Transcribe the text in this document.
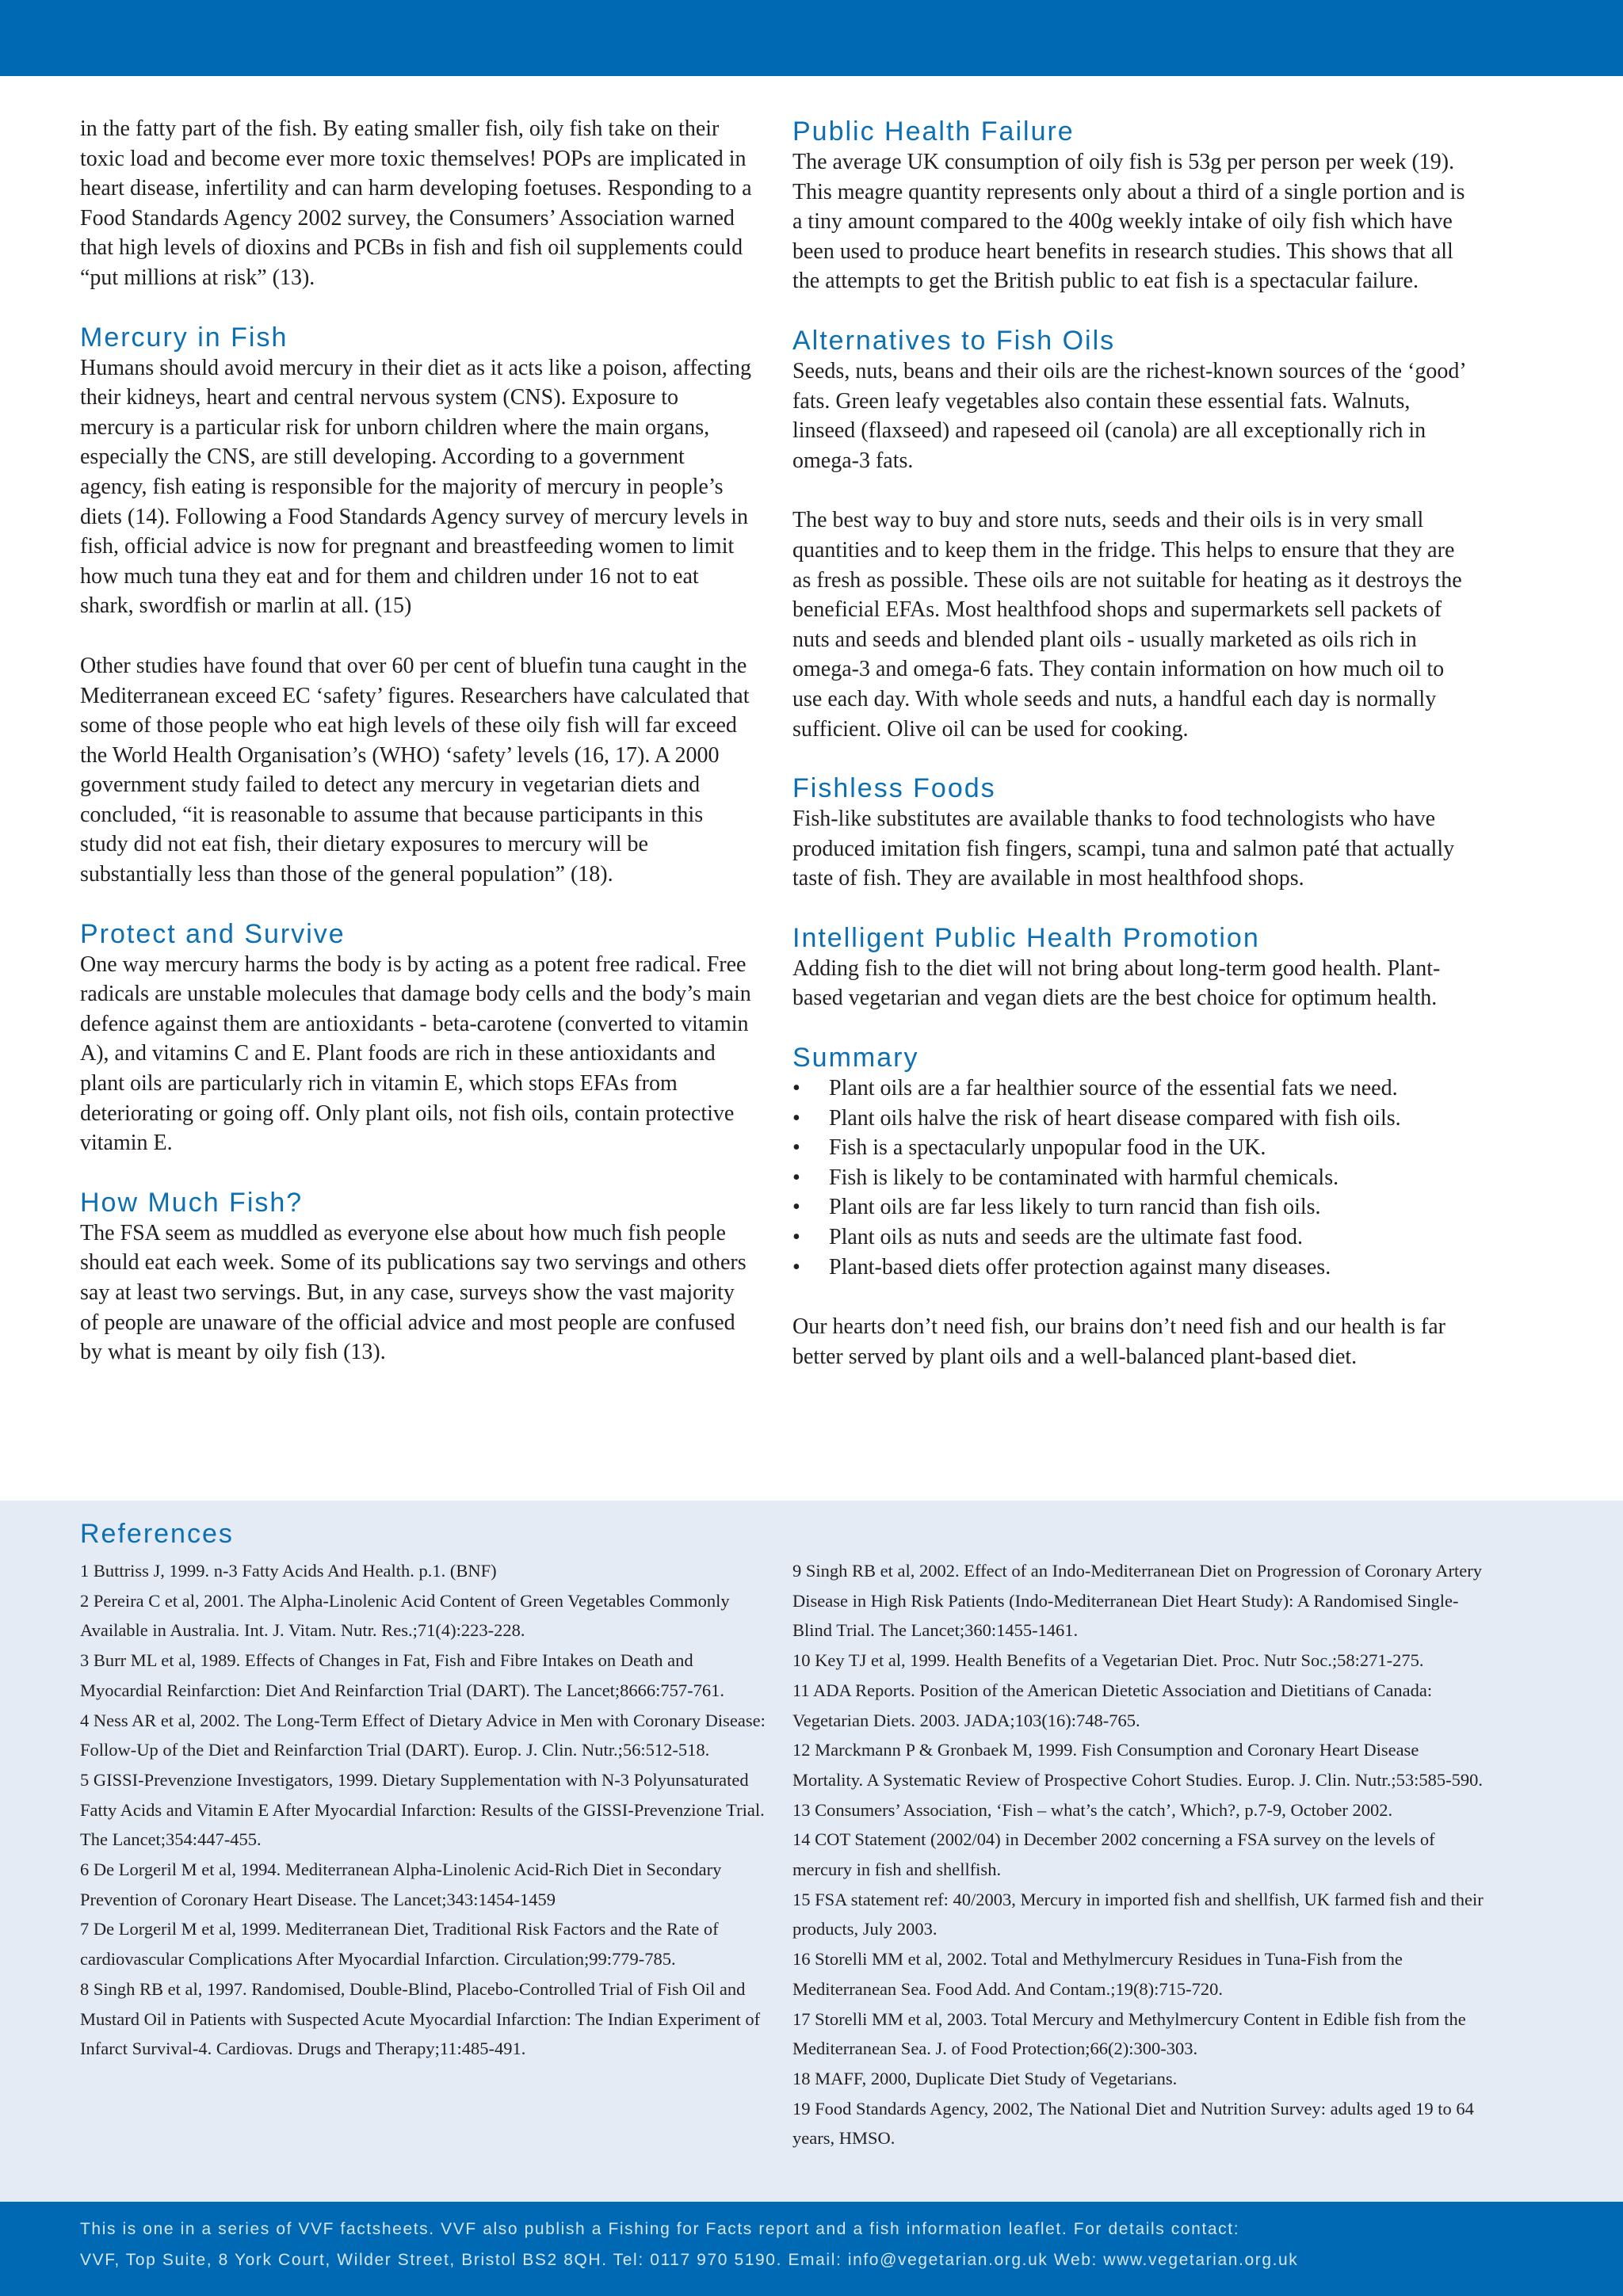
in the fatty part of the fish. By eating smaller fish, oily fish take on their toxic load and become ever more toxic themselves! POPs are implicated in heart disease, infertility and can harm developing foetuses. Responding to a Food Standards Agency 2002 survey, the Consumers’ Association warned that high levels of dioxins and PCBs in fish and fish oil supplements could “put millions at risk” (13).

Mercury in Fish

Humans should avoid mercury in their diet as it acts like a poison, affecting their kidneys, heart and central nervous system (CNS). Exposure to mercury is a particular risk for unborn children where the main organs, especially the CNS, are still developing. According to a government agency, fish eating is responsible for the majority of mercury in people’s diets (14). Following a Food Standards Agency survey of mercury levels in fish, official advice is now for pregnant and breastfeeding women to limit how much tuna they eat and for them and children under 16 not to eat shark, swordfish or marlin at all. (15)

Other studies have found that over 60 per cent of bluefin tuna caught in the Mediterranean exceed EC ‘safety’ figures. Researchers have calculated that some of those people who eat high levels of these oily fish will far exceed the World Health Organisation’s (WHO) ‘safety’ levels (16, 17). A 2000 government study failed to detect any mercury in vegetarian diets and concluded, “it is reasonable to assume that because participants in this study did not eat fish, their dietary exposures to mercury will be substantially less than those of the general population” (18).

Protect and Survive

One way mercury harms the body is by acting as a potent free radical. Free radicals are unstable molecules that damage body cells and the body’s main defence against them are antioxidants - beta-carotene (converted to vitamin A), and vitamins C and E. Plant foods are rich in these antioxidants and plant oils are particularly rich in vitamin E, which stops EFAs from deteriorating or going off. Only plant oils, not fish oils, contain protective vitamin E.

How Much Fish?

The FSA seem as muddled as everyone else about how much fish people should eat each week. Some of its publications say two servings and others say at least two servings. But, in any case, surveys show the vast majority of people are unaware of the official advice and most people are confused by what is meant by oily fish (13).

Public Health Failure

The average UK consumption of oily fish is 53g per person per week (19). This meagre quantity represents only about a third of a single portion and is a tiny amount compared to the 400g weekly intake of oily fish which have been used to produce heart benefits in research studies. This shows that all the attempts to get the British public to eat fish is a spectacular failure.

Alternatives to Fish Oils

Seeds, nuts, beans and their oils are the richest-known sources of the ‘good’ fats. Green leafy vegetables also contain these essential fats. Walnuts, linseed (flaxseed) and rapeseed oil (canola) are all exceptionally rich in omega-3 fats.

The best way to buy and store nuts, seeds and their oils is in very small quantities and to keep them in the fridge. This helps to ensure that they are as fresh as possible. These oils are not suitable for heating as it destroys the beneficial EFAs. Most healthfood shops and supermarkets sell packets of nuts and seeds and blended plant oils - usually marketed as oils rich in omega-3 and omega-6 fats. They contain information on how much oil to use each day. With whole seeds and nuts, a handful each day is normally sufficient. Olive oil can be used for cooking.

Fishless Foods

Fish-like substitutes are available thanks to food technologists who have produced imitation fish fingers, scampi, tuna and salmon paté that actually taste of fish. They are available in most healthfood shops.

Intelligent Public Health Promotion

Adding fish to the diet will not bring about long-term good health. Plant-based vegetarian and vegan diets are the best choice for optimum health.

Summary
• Plant oils are a far healthier source of the essential fats we need.
• Plant oils halve the risk of heart disease compared with fish oils.
• Fish is a spectacularly unpopular food in the UK.
• Fish is likely to be contaminated with harmful chemicals.
• Plant oils are far less likely to turn rancid than fish oils.
• Plant oils as nuts and seeds are the ultimate fast food.
• Plant-based diets offer protection against many diseases.

Our hearts don’t need fish, our brains don’t need fish and our health is far better served by plant oils and a well-balanced plant-based diet.

References

1 Buttriss J, 1999. n-3 Fatty Acids And Health. p.1. (BNF)

2 Pereira C et al, 2001. The Alpha-Linolenic Acid Content of Green Vegetables Commonly Available in Australia. Int. J. Vitam. Nutr. Res.;71(4):223-228.

3 Burr ML et al, 1989. Effects of Changes in Fat, Fish and Fibre Intakes on Death and Myocardial Reinfarction: Diet And Reinfarction Trial (DART). The Lancet;8666:757-761.

4 Ness AR et al, 2002. The Long-Term Effect of Dietary Advice in Men with Coronary Disease: Follow-Up of the Diet and Reinfarction Trial (DART). Europ. J. Clin. Nutr.;56:512-518.

5 GISSI-Prevenzione Investigators, 1999. Dietary Supplementation with N-3 Polyunsaturated Fatty Acids and Vitamin E After Myocardial Infarction: Results of the GISSI-Prevenzione Trial. The Lancet;354:447-455.

6 De Lorgeril M et al, 1994. Mediterranean Alpha-Linolenic Acid-Rich Diet in Secondary Prevention of Coronary Heart Disease. The Lancet;343:1454-1459

7 De Lorgeril M et al, 1999. Mediterranean Diet, Traditional Risk Factors and the Rate of cardiovascular Complications After Myocardial Infarction. Circulation;99:779-785.

8 Singh RB et al, 1997. Randomised, Double-Blind, Placebo-Controlled Trial of Fish Oil and Mustard Oil in Patients with Suspected Acute Myocardial Infarction: The Indian Experiment of Infarct Survival-4. Cardiovas. Drugs and Therapy;11:485-491.

9 Singh RB et al, 2002. Effect of an Indo-Mediterranean Diet on Progression of Coronary Artery Disease in High Risk Patients (Indo-Mediterranean Diet Heart Study): A Randomised Single-Blind Trial. The Lancet;360:1455-1461.

10 Key TJ et al, 1999. Health Benefits of a Vegetarian Diet. Proc. Nutr Soc.;58:271-275.

11 ADA Reports. Position of the American Dietetic Association and Dietitians of Canada: Vegetarian Diets. 2003. JADA;103(16):748-765.

12 Marckmann P & Gronbaek M, 1999. Fish Consumption and Coronary Heart Disease Mortality. A Systematic Review of Prospective Cohort Studies. Europ. J. Clin. Nutr.;53:585-590.

13 Consumers’ Association, ‘Fish – what’s the catch’, Which?, p.7-9, October 2002.

14 COT Statement (2002/04) in December 2002 concerning a FSA survey on the levels of mercury in fish and shellfish.

15 FSA statement ref: 40/2003, Mercury in imported fish and shellfish, UK farmed fish and their products, July 2003.

16 Storelli MM et al, 2002. Total and Methylmercury Residues in Tuna-Fish from the Mediterranean Sea. Food Add. And Contam.;19(8):715-720.

17 Storelli MM et al, 2003. Total Mercury and Methylmercury Content in Edible fish from the Mediterranean Sea. J. of Food Protection;66(2):300-303.

18 MAFF, 2000, Duplicate Diet Study of Vegetarians.

19 Food Standards Agency, 2002, The National Diet and Nutrition Survey: adults aged 19 to 64 years, HMSO.

This is one in a series of VVF factsheets. VVF also publish a Fishing for Facts report and a fish information leaflet. For details contact:

VVF, Top Suite, 8 York Court, Wilder Street, Bristol BS2 8QH. Tel: 0117 970 5190. Email: info@vegetarian.org.uk Web: www.vegetarian.org.uk
